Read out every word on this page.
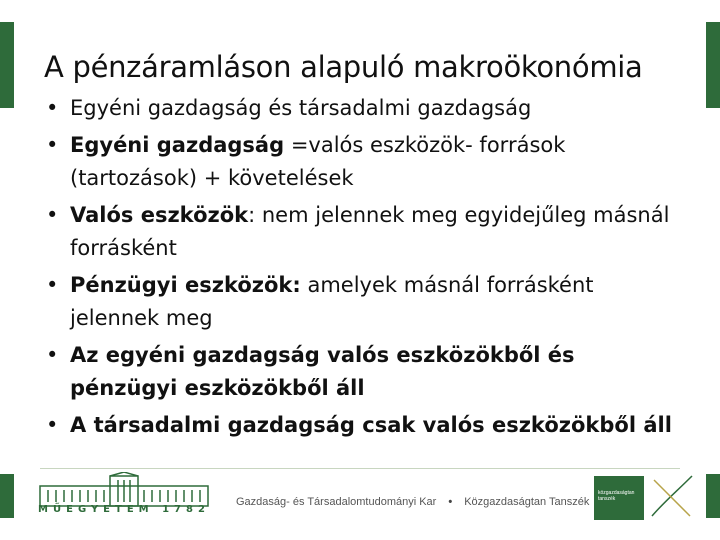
A pénzáramláson alapuló makroökonómia
• Egyéni gazdagság és társadalmi gazdagság
• Egyéni gazdagság =valós eszközök- források (tartozások) + követelések
• Valós eszközök: nem jelennek meg egyidejűleg másnál forrásként
• Pénzügyi eszközök: amelyek másnál forrásként jelennek meg
• Az egyéni gazdagság valós eszközökből és pénzügyi eszközökből áll
• A társadalmi gazdagság csak valós eszközökből áll
MŰEGYETEM 1782
Gazdaság- és Társadalomtudományi Kar • Közgazdaságtan Tanszék
közgazdaságtan tanszék
